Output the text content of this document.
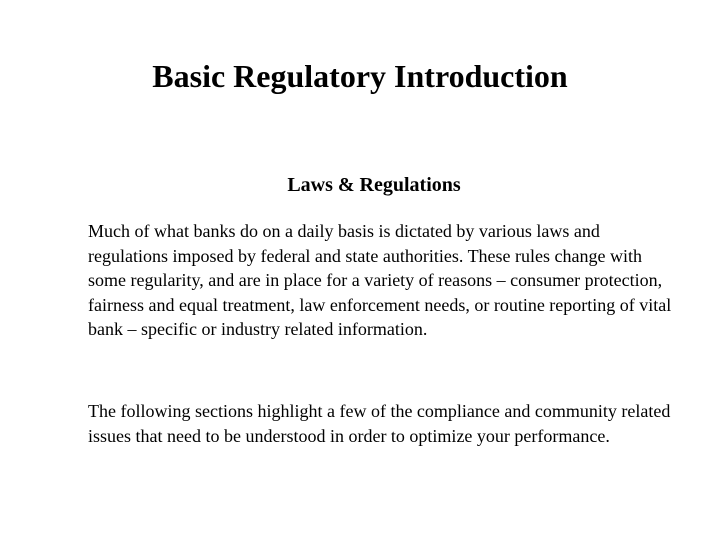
Basic Regulatory Introduction
Laws & Regulations

Much of what banks do on a daily basis is dictated by various laws and regulations imposed by federal and state authorities. These rules change with some regularity, and are in place for a variety of reasons – consumer protection, fairness and equal treatment, law enforcement needs, or routine reporting of vital bank – specific or industry related information.

The following sections highlight a few of the compliance and community related issues that need to be understood in order to optimize your performance.
